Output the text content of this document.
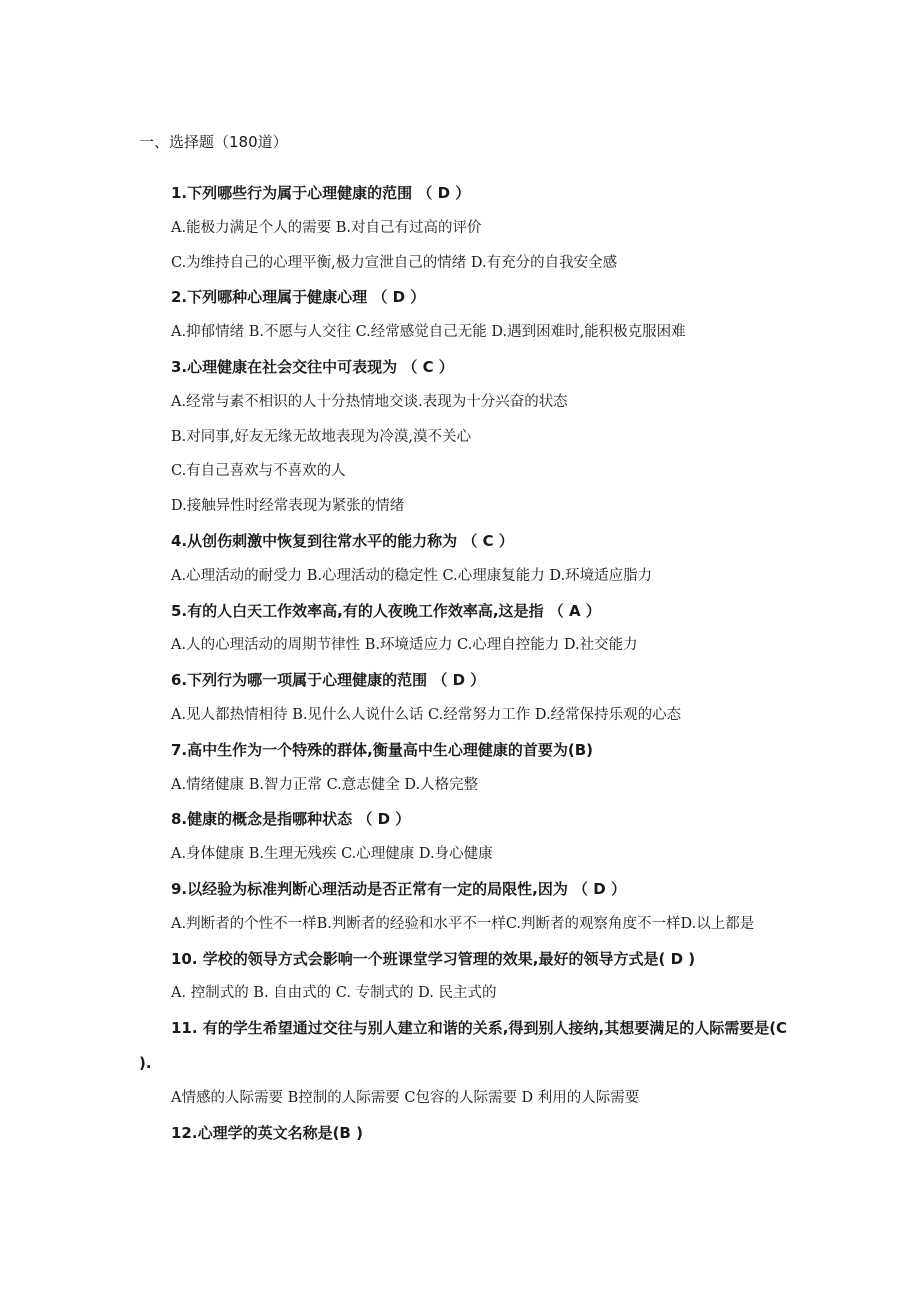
一、选择题（180道）

1.下列哪些行为属于心理健康的范围 （ D ）

A.能极力满足个人的需要 B.对自己有过高的评价

C.为维持自己的心理平衡,极力宣泄自己的情绪 D.有充分的自我安全感

2.下列哪种心理属于健康心理 （ D ）

A.抑郁情绪 B.不愿与人交往 C.经常感觉自己无能 D.遇到困难时,能积极克服困难

3.心理健康在社会交往中可表现为 （ C ）

A.经常与素不相识的人十分热情地交谈.表现为十分兴奋的状态

B.对同事,好友无缘无故地表现为冷漠,漠不关心

C.有自己喜欢与不喜欢的人

D.接触异性时经常表现为紧张的情绪

4.从创伤刺激中恢复到往常水平的能力称为 （ C ）

A.心理活动的耐受力 B.心理活动的稳定性 C.心理康复能力 D.环境适应脂力

5.有的人白天工作效率高,有的人夜晚工作效率高,这是指 （ A ）

A.人的心理活动的周期节律性 B.环境适应力 C.心理自控能力 D.社交能力

6.下列行为哪一项属于心理健康的范围 （ D ）

A.见人都热情相待 B.见什么人说什么话 C.经常努力工作 D.经常保持乐观的心态

7.高中生作为一个特殊的群体,衡量高中生心理健康的首要为(B)

A.情绪健康 B.智力正常 C.意志健全 D.人格完整

8.健康的概念是指哪种状态 （ D ）

A.身体健康 B.生理无残疾 C.心理健康 D.身心健康

9.以经验为标准判断心理活动是否正常有一定的局限性,因为 （ D ）

A.判断者的个性不一样B.判断者的经验和水平不一样C.判断者的观察角度不一样D.以上都是

10. 学校的领导方式会影响一个班课堂学习管理的效果,最好的领导方式是( D )

A. 控制式的 B. 自由式的 C. 专制式的 D. 民主式的

11. 有的学生希望通过交往与别人建立和谐的关系,得到别人接纳,其想要满足的人际需要是(C ).

A情感的人际需要 B控制的人际需要 C包容的人际需要 D 利用的人际需要

12.心理学的英文名称是(B )
